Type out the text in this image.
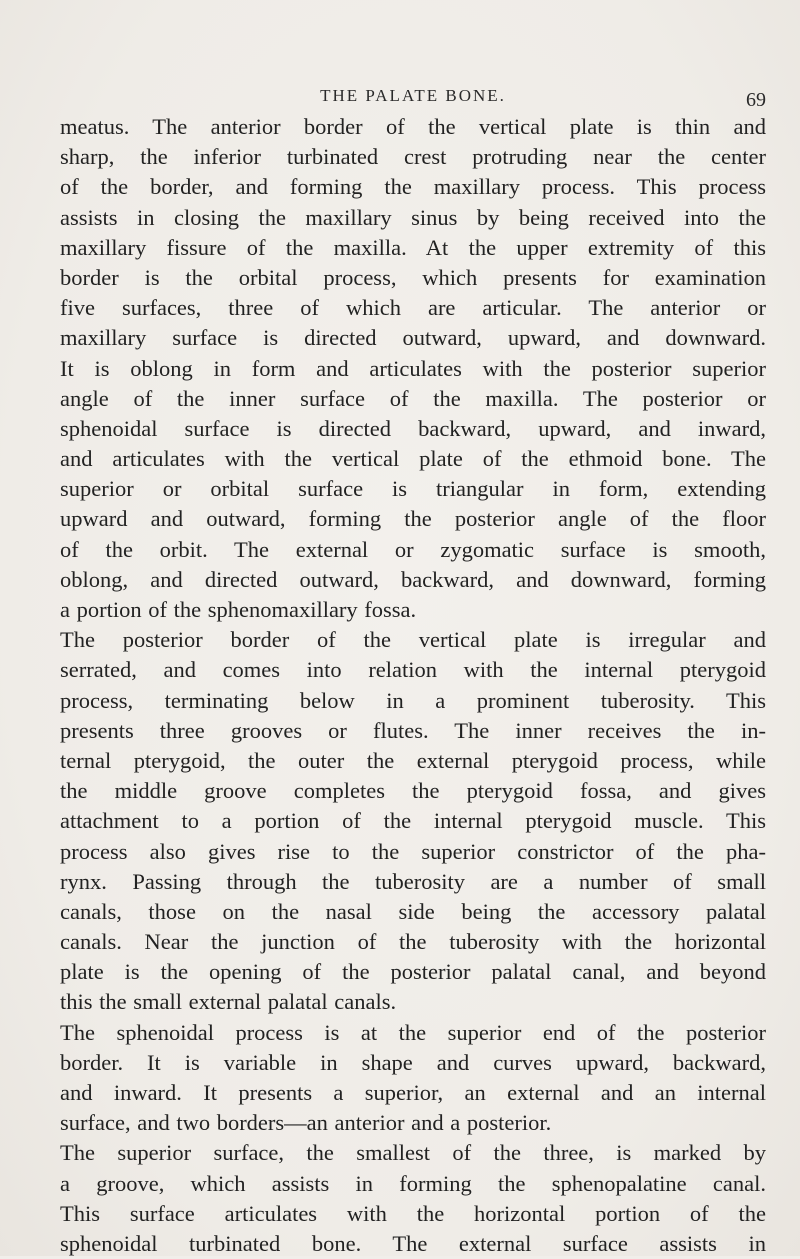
THE PALATE BONE.	69
meatus. The anterior border of the vertical plate is thin and
sharp, the inferior turbinated crest protruding near the center
of the border, and forming the maxillary process. This process
assists in closing the maxillary sinus by being received into the
maxillary fissure of the maxilla. At the upper extremity of this
border is the orbital process, which presents for examination
five surfaces, three of which are articular. The anterior or
maxillary surface is directed outward, upward, and downward.
It is oblong in form and articulates with the posterior superior
angle of the inner surface of the maxilla. The posterior or
sphenoidal surface is directed backward, upward, and inward,
and articulates with the vertical plate of the ethmoid bone. The
superior or orbital surface is triangular in form, extending
upward and outward, forming the posterior angle of the floor
of the orbit. The external or zygomatic surface is smooth,
oblong, and directed outward, backward, and downward, forming
a portion of the sphenomaxillary fossa.
The posterior border of the vertical plate is irregular and
serrated, and comes into relation with the internal pterygoid
process, terminating below in a prominent tuberosity. This
presents three grooves or flutes. The inner receives the in-
ternal pterygoid, the outer the external pterygoid process, while
the middle groove completes the pterygoid fossa, and gives
attachment to a portion of the internal pterygoid muscle. This
process also gives rise to the superior constrictor of the pha-
rynx. Passing through the tuberosity are a number of small
canals, those on the nasal side being the accessory palatal
canals. Near the junction of the tuberosity with the horizontal
plate is the opening of the posterior palatal canal, and beyond
this the small external palatal canals.
The sphenoidal process is at the superior end of the posterior
border. It is variable in shape and curves upward, backward,
and inward. It presents a superior, an external and an internal
surface, and two borders—an anterior and a posterior.
The superior surface, the smallest of the three, is marked by
a groove, which assists in forming the sphenopalatine canal.
This surface articulates with the horizontal portion of the
sphenoidal turbinated bone. The external surface assists in
